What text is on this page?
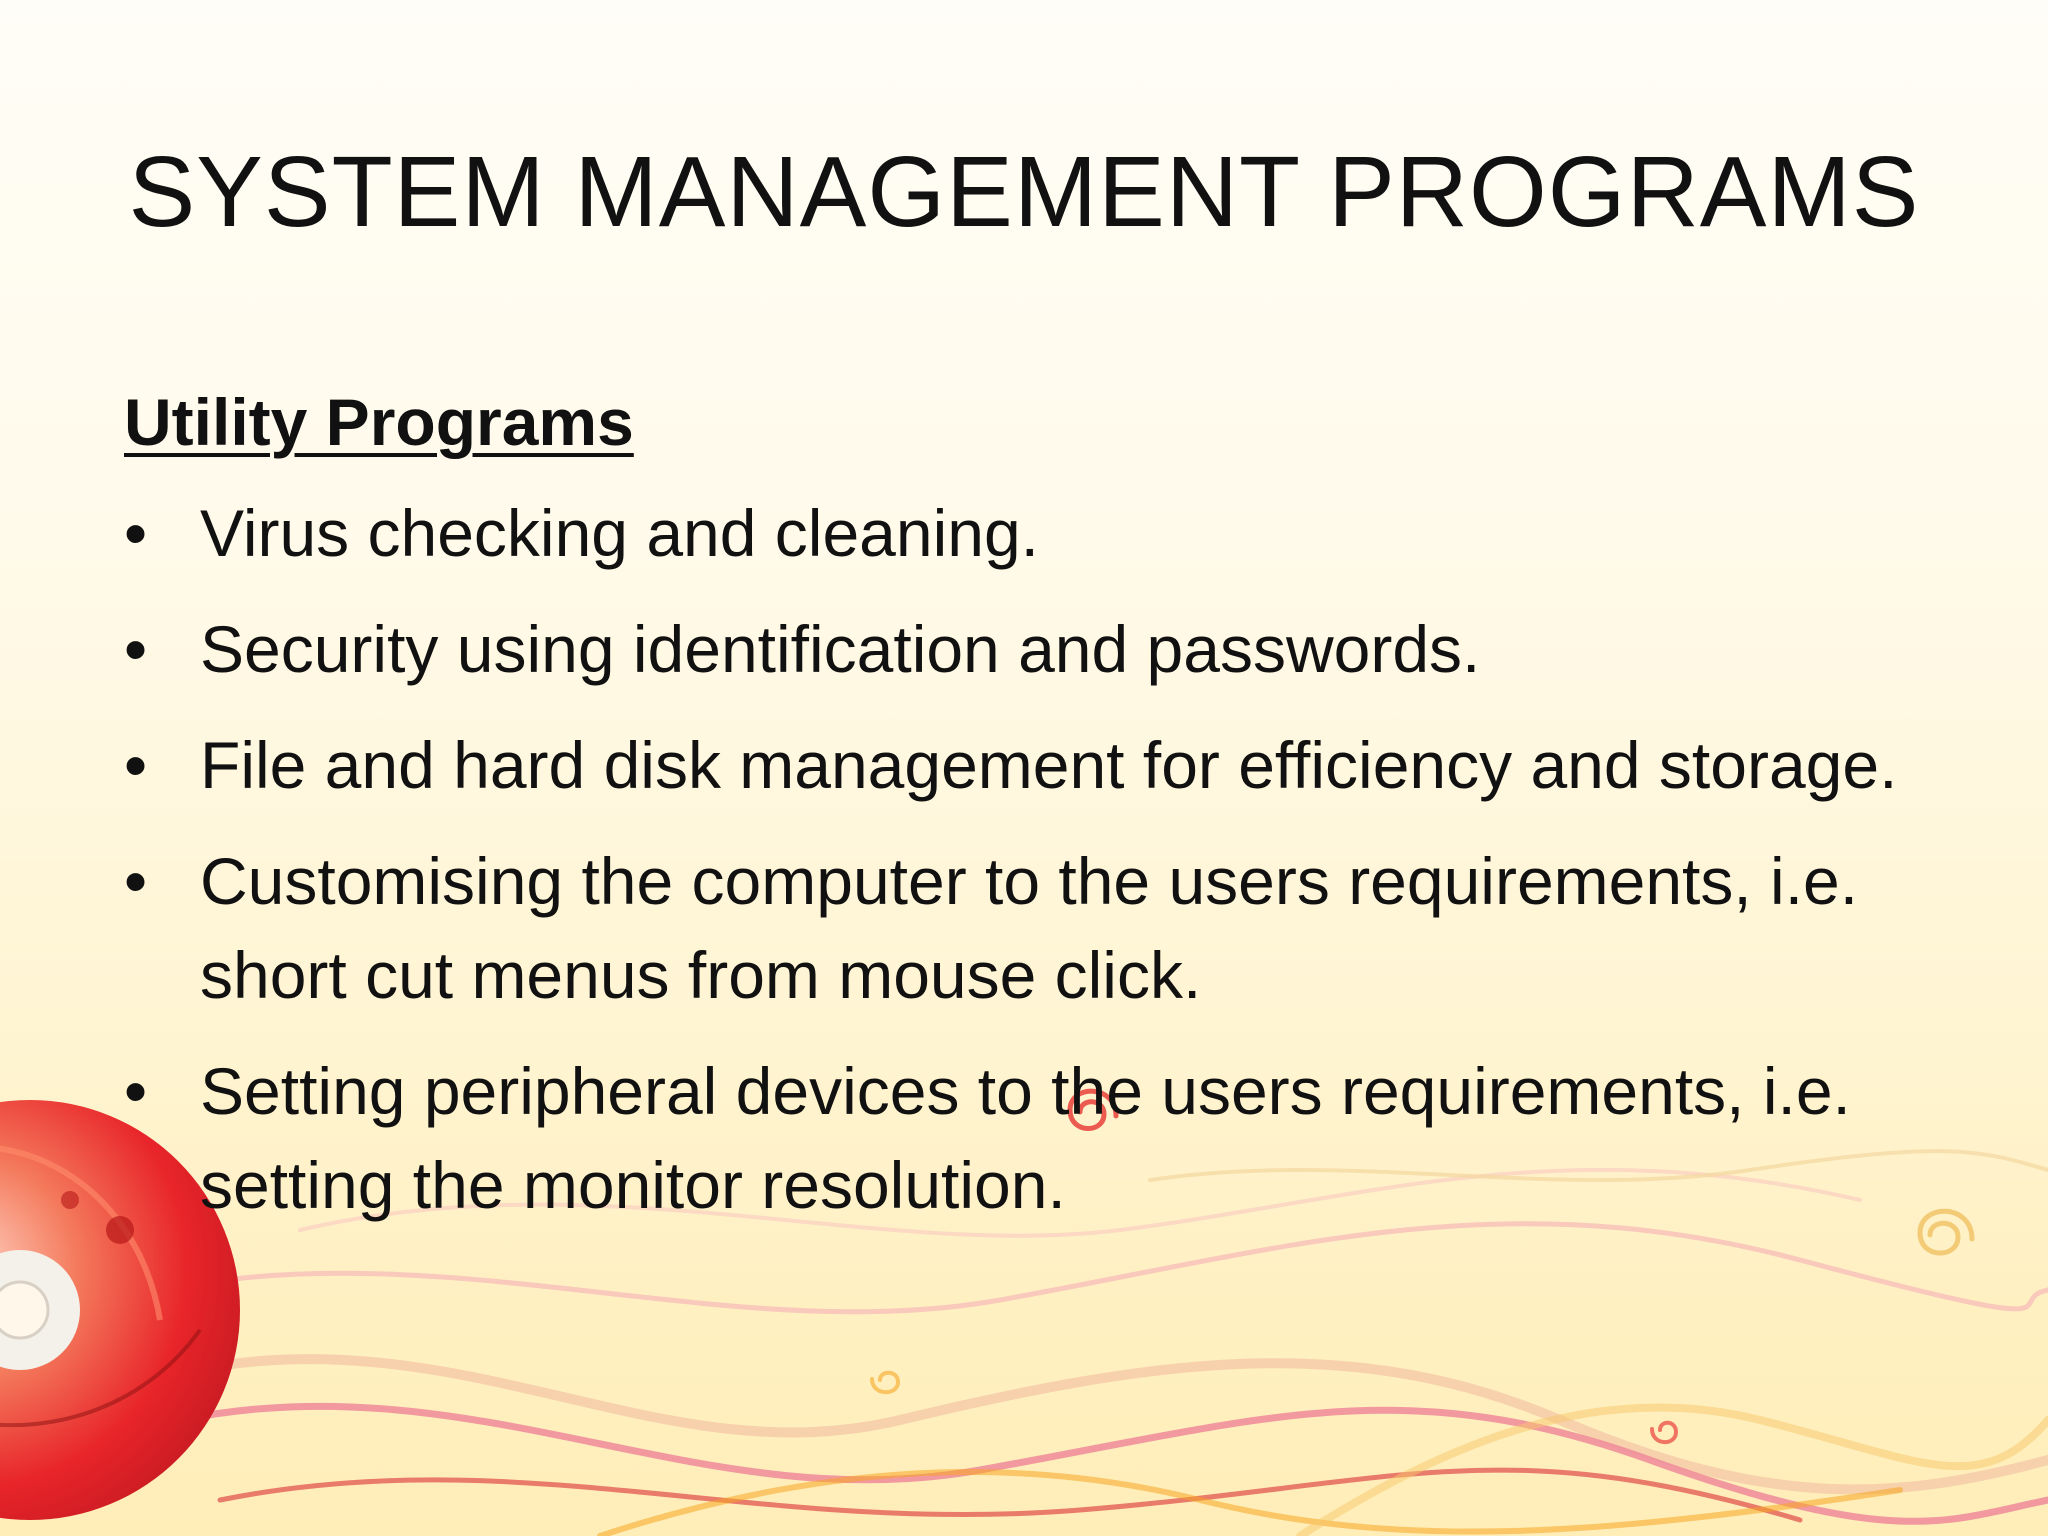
SYSTEM MANAGEMENT PROGRAMS
Utility Programs
• Virus checking and cleaning.
• Security using identification and passwords.
• File and hard disk management for efficiency and storage.
• Customising the computer to the users requirements, i.e. short cut menus from mouse click.
• Setting peripheral devices to the users requirements, i.e. setting the monitor resolution.
